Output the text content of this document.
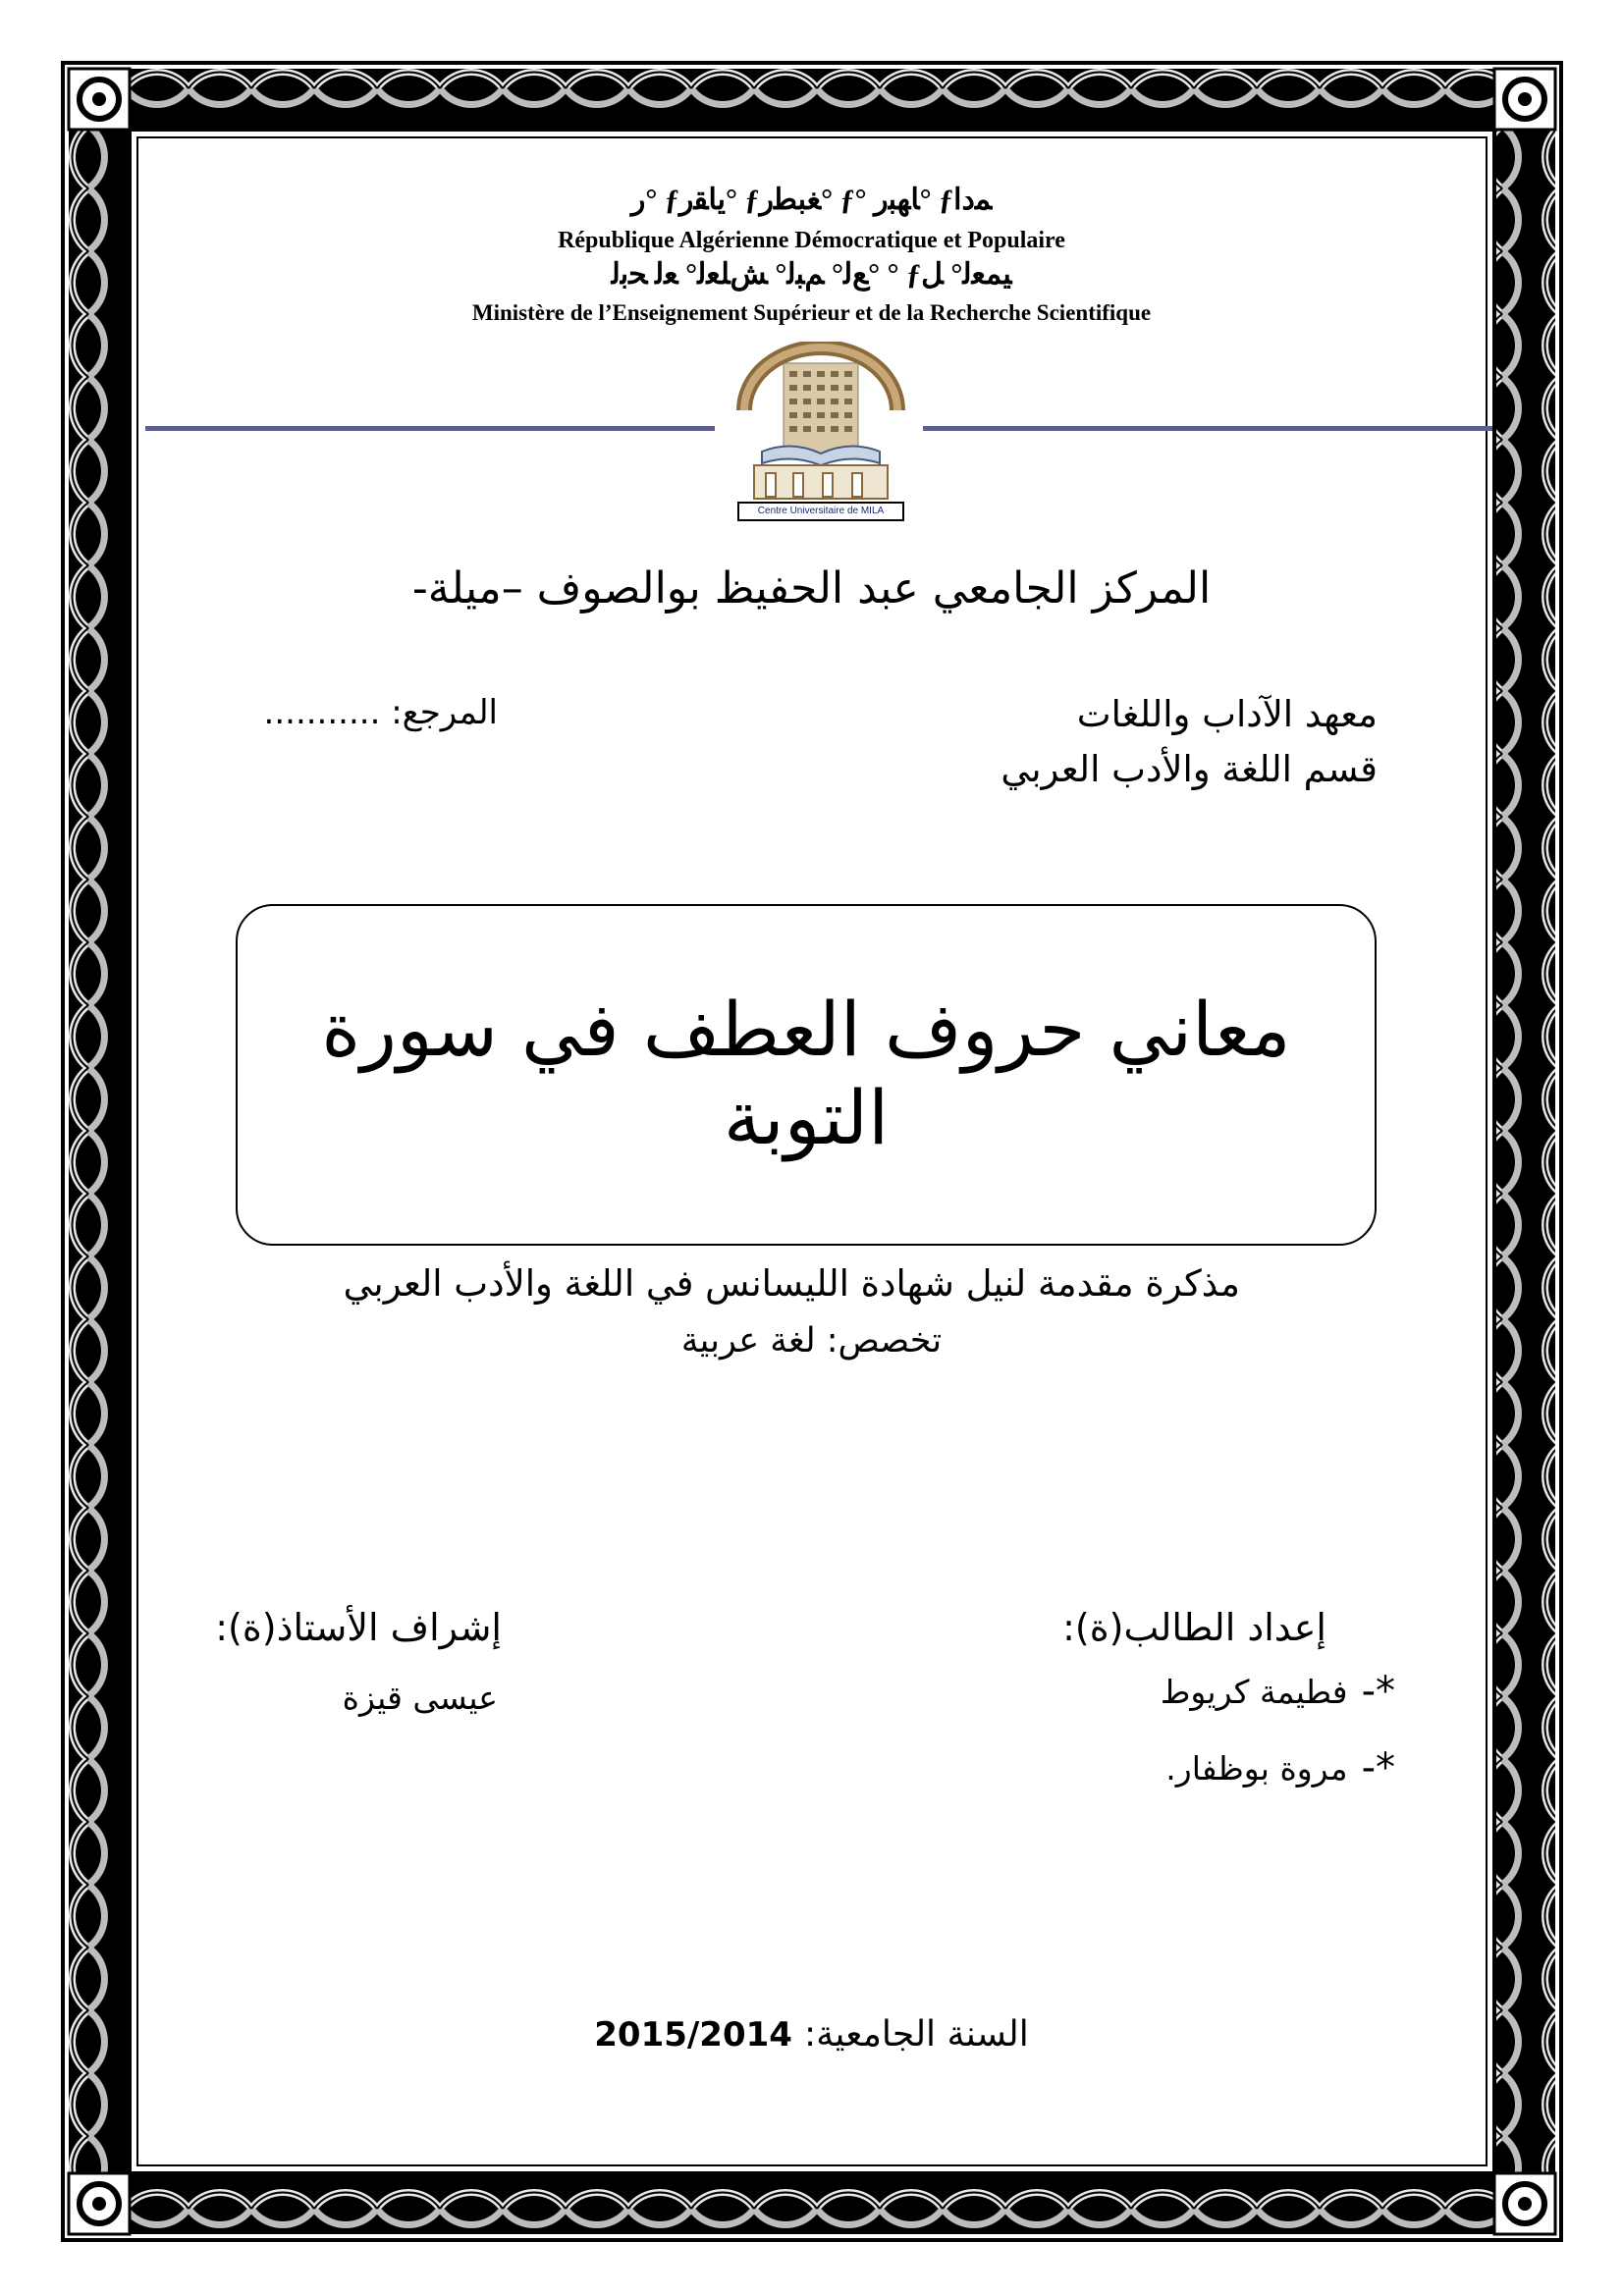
ﺭ° ƒﻳﺎﻘﺭ° ƒﻐﺒﻄﺭ° ƒ° ﺎﻬﺒﺭ° ƒﻤﺩﺍ
République Algérienne Démocratique et Populaire
ﻊﻟ° ﻢﺒﻟ° ﺶﻠﻌﻟ° ﻌﻟ ﺤﺑﻟ° ° ƒﻴﻤﻌﻟ° ﻞ
Ministère de l’Enseignement Supérieur et de la Recherche Scientifique
Centre Universitaire de MILA
المركز الجامعي عبد الحفيظ بوالصوف –ميلة-
معهد الآداب واللغات
المرجع: ...........
قسم اللغة والأدب العربي
معاني حروف العطف في سورة
التوبة
مذكرة مقدمة لنيل شهادة الليسانس في اللغة والأدب العربي
تخصص: لغة عربية
إعداد الطالب(ة):
إشراف الأستاذ(ة):
*-
فطيمة كريوط
عيسى قيزة
*-
مروة بوظفار.
السنة الجامعية:
2015/2014
